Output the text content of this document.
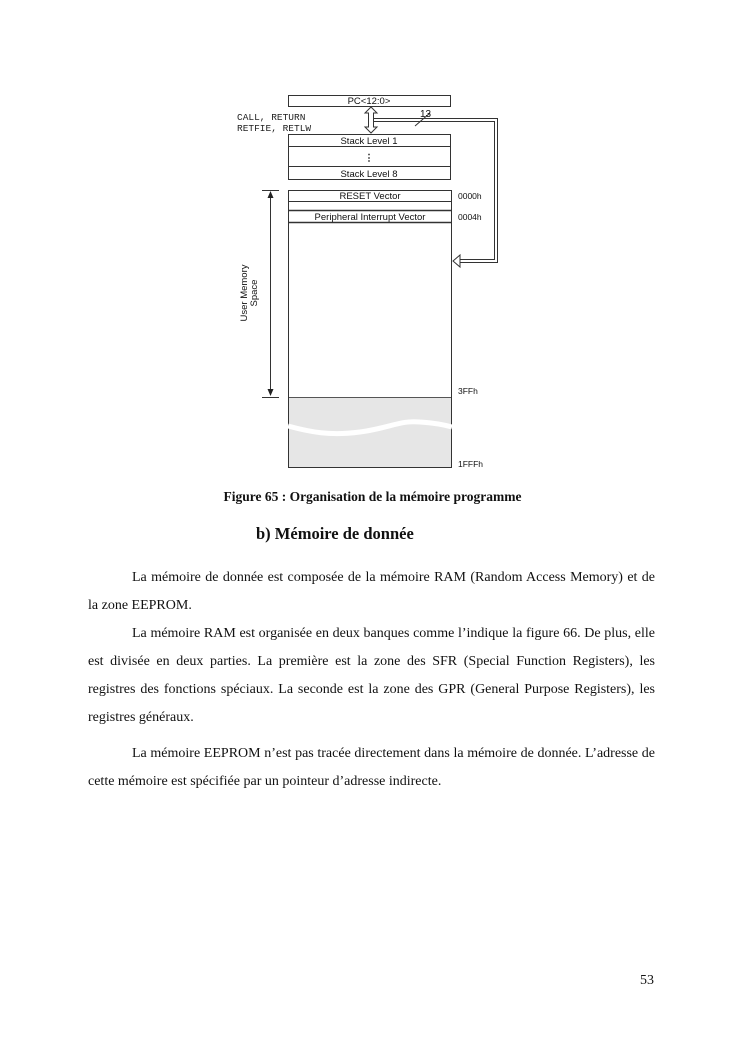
PC<12:0>
Stack Level 1
⋮
Stack Level 8
RESET Vector
Peripheral Interrupt Vector
13
0000h
0004h
3FFh
1FFFh
User Memory Space
CALL, RETURN
RETFIE, RETLW
Figure 65 : Organisation de la mémoire programme
b) Mémoire de donnée

La mémoire de donnée est composée de la mémoire RAM (Random Access Memory) et de la zone EEPROM.

La mémoire RAM est organisée en deux banques comme l’indique la figure 66. De plus, elle est divisée en deux parties. La première est la zone des SFR (Special Function Registers), les registres des fonctions spéciaux. La seconde est la zone des GPR (General Purpose Registers), les registres généraux.

La mémoire EEPROM n’est pas tracée directement dans la mémoire de donnée. L’adresse de cette mémoire est spécifiée par un pointeur d’adresse indirecte.

53
